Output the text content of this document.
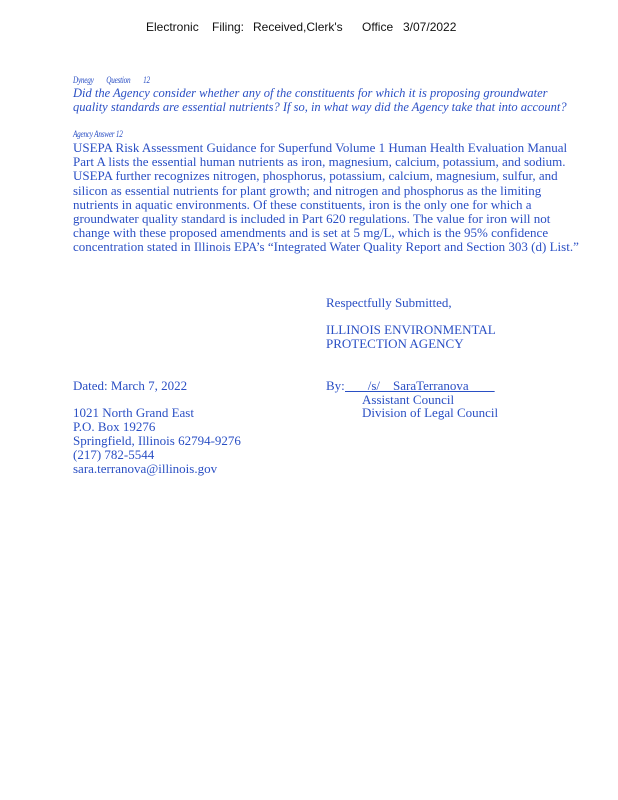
Electronic Filing: Received,Clerk's Office 3/07/2022
Dynegy Question 12
Did the Agency consider whether any of the constituents for which it is proposing groundwater
quality standards are essential nutrients? If so, in what way did the Agency take that into account?
Agency Answer 12
USEPA Risk Assessment Guidance for Superfund Volume 1 Human Health Evaluation Manual
Part A lists the essential human nutrients as iron, magnesium, calcium, potassium, and sodium.
USEPA further recognizes nitrogen, phosphorus, potassium, calcium, magnesium, sulfur, and
silicon as essential nutrients for plant growth; and nitrogen and phosphorus as the limiting
nutrients in aquatic environments. Of these constituents, iron is the only one for which a
groundwater quality standard is included in Part 620 regulations. The value for iron will not
change with these proposed amendments and is set at 5 mg/L, which is the 95% confidence
concentration stated in Illinois EPA’s “Integrated Water Quality Report and Section 303 (d) List.”
Respectfully Submitted,
ILLINOIS ENVIRONMENTAL
PROTECTION AGENCY
By: /s/    SaraTerranova
Assistant Council
Division of Legal Council
Dated: March 7, 2022
1021 North Grand East
P.O. Box 19276
Springfield, Illinois 62794-9276
(217) 782-5544
sara.terranova@illinois.gov
